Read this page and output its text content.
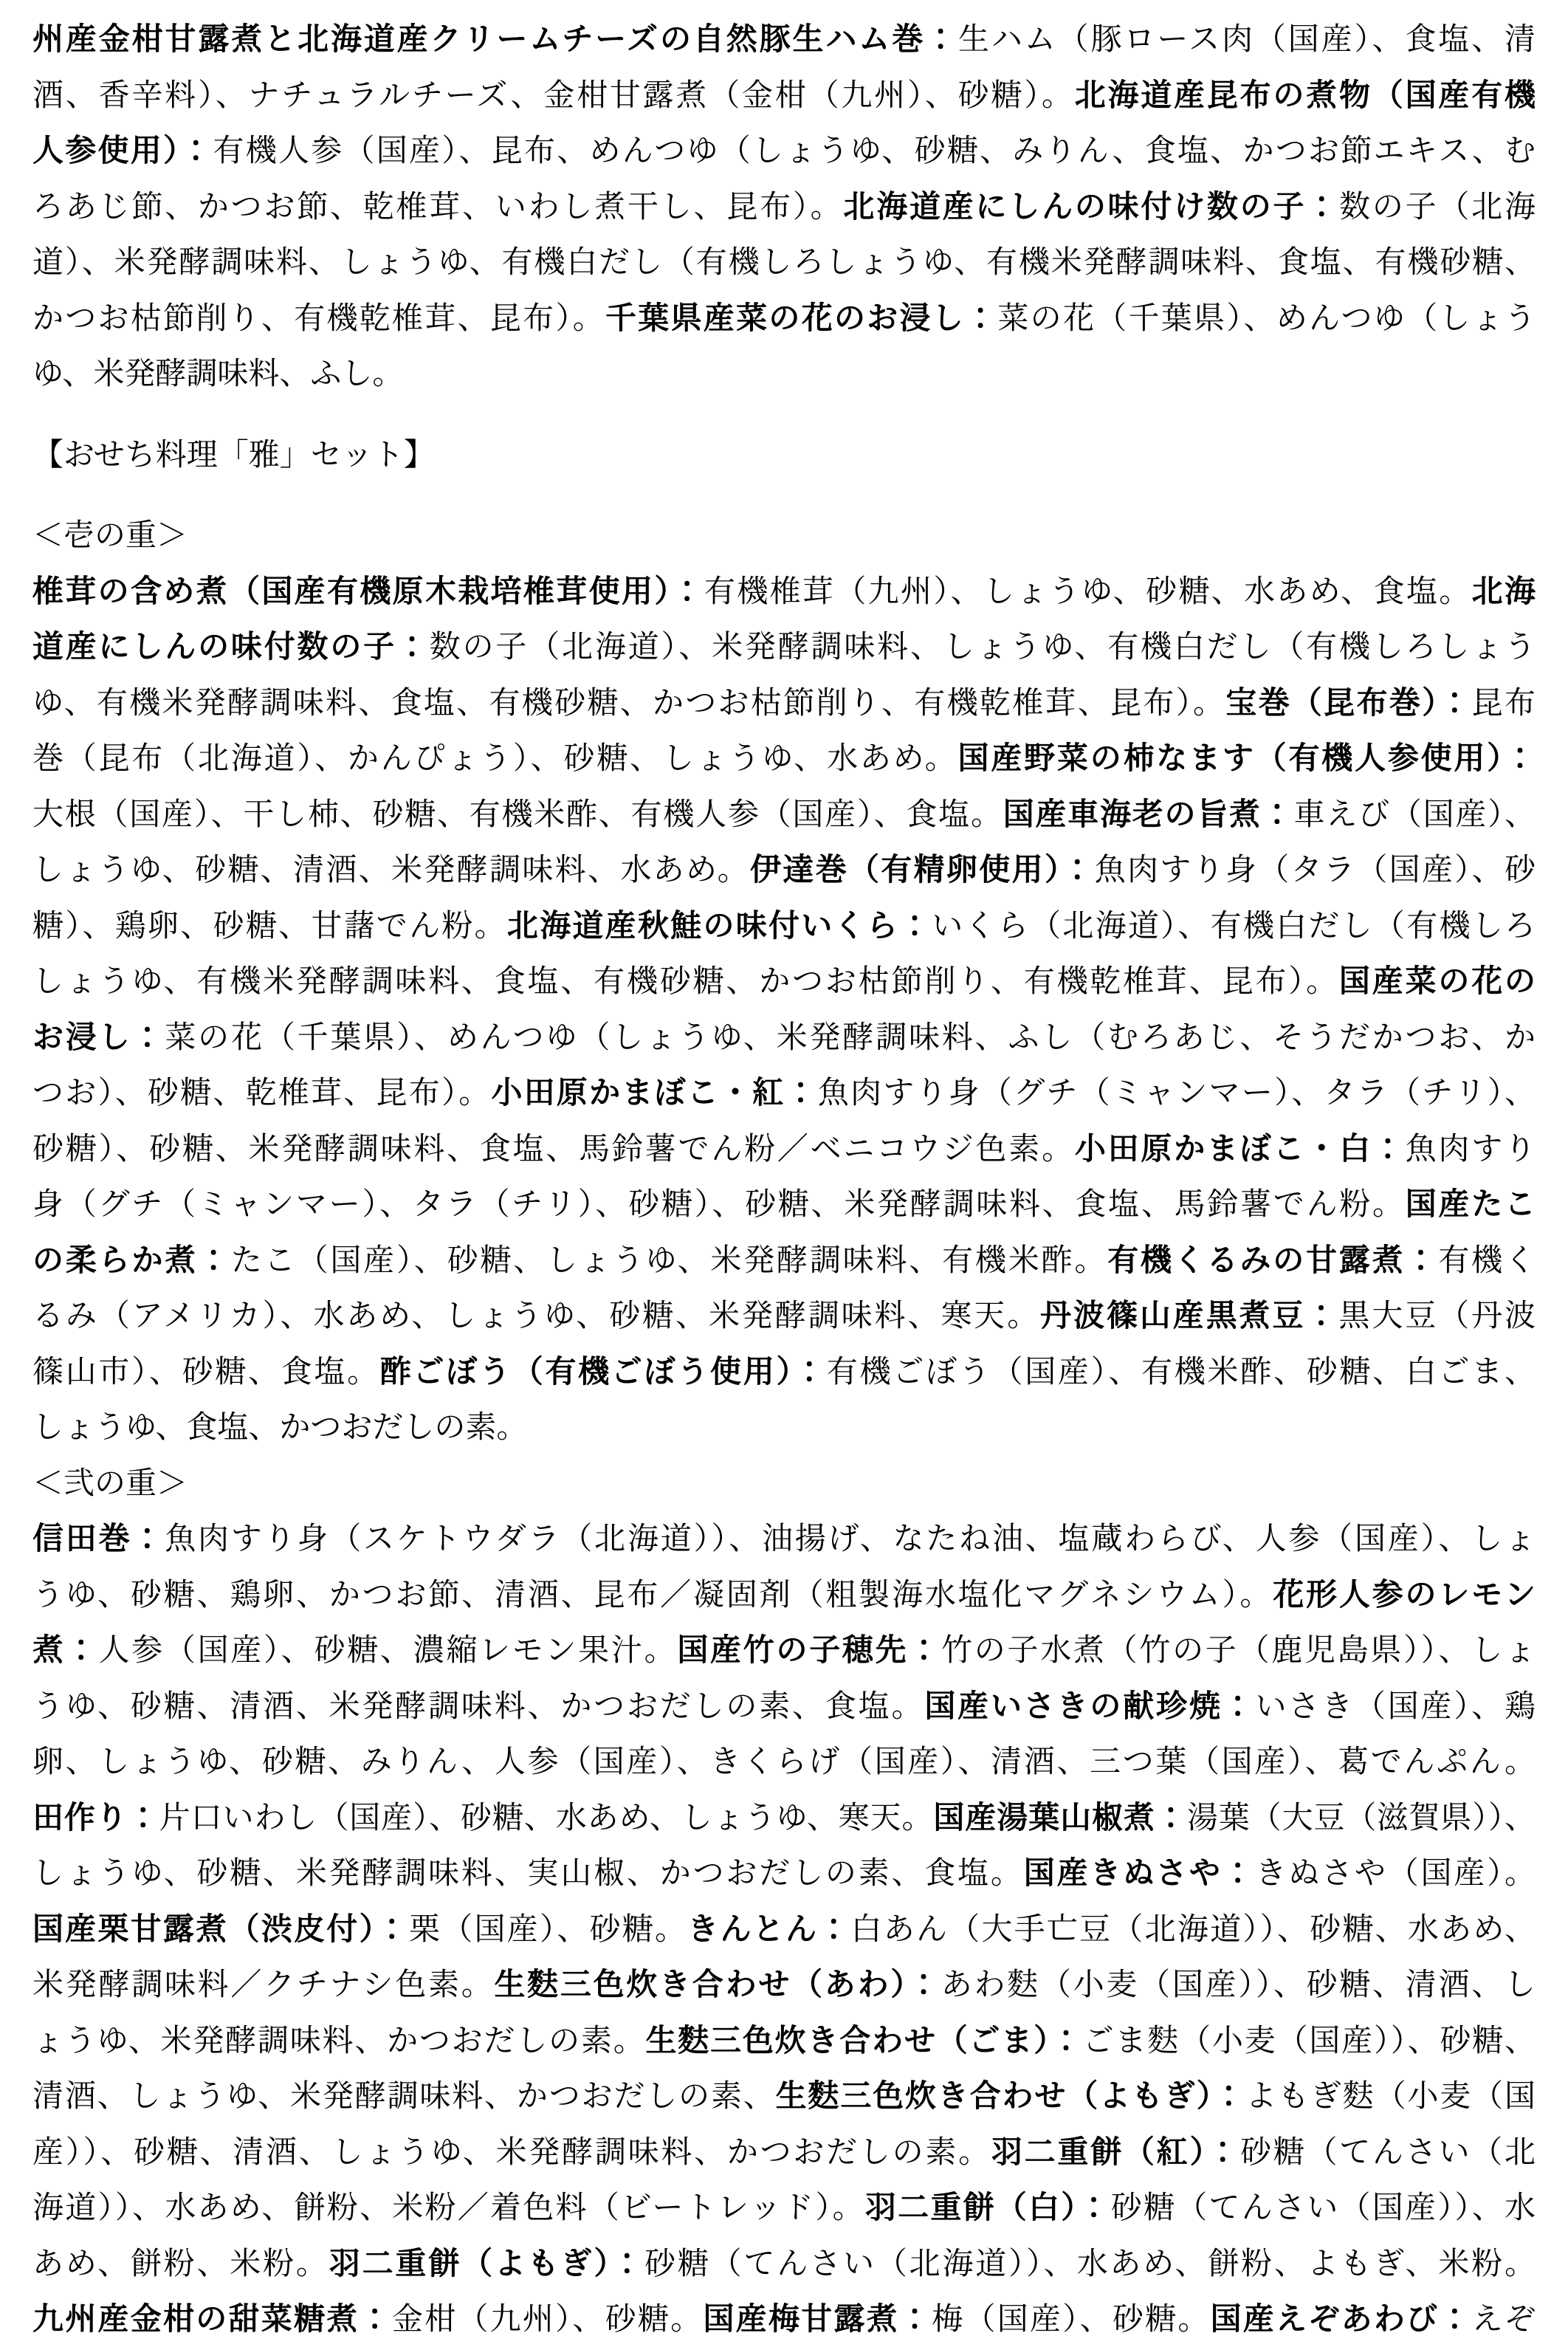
州産金柑甘露煮と北海道産クリームチーズの自然豚生ハム巻：生ハム（豚ロース肉（国産）、食塩、清
酒、香辛料）、ナチュラルチーズ、金柑甘露煮（金柑（九州）、砂糖）。北海道産昆布の煮物（国産有機
人参使用）：有機人参（国産）、昆布、めんつゆ（しょうゆ、砂糖、みりん、食塩、かつお節エキス、む
ろあじ節、かつお節、乾椎茸、いわし煮干し、昆布）。北海道産にしんの味付け数の子：数の子（北海
道）、米発酵調味料、しょうゆ、有機白だし（有機しろしょうゆ、有機米発酵調味料、食塩、有機砂糖、
かつお枯節削り、有機乾椎茸、昆布）。千葉県産菜の花のお浸し：菜の花（千葉県）、めんつゆ（しょう
ゆ、米発酵調味料、ふし。
【おせち料理「雅」セット】
＜壱の重＞
椎茸の含め煮（国産有機原木栽培椎茸使用）：有機椎茸（九州）、しょうゆ、砂糖、水あめ、食塩。北海
道産にしんの味付数の子：数の子（北海道）、米発酵調味料、しょうゆ、有機白だし（有機しろしょう
ゆ、有機米発酵調味料、食塩、有機砂糖、かつお枯節削り、有機乾椎茸、昆布）。宝巻（昆布巻）：昆布
巻（昆布（北海道）、かんぴょう）、砂糖、しょうゆ、水あめ。国産野菜の柿なます（有機人参使用）：
大根（国産）、干し柿、砂糖、有機米酢、有機人参（国産）、食塩。国産車海老の旨煮：車えび（国産）、
しょうゆ、砂糖、清酒、米発酵調味料、水あめ。伊達巻（有精卵使用）：魚肉すり身（タラ（国産）、砂
糖）、鶏卵、砂糖、甘藷でん粉。北海道産秋鮭の味付いくら：いくら（北海道）、有機白だし（有機しろ
しょうゆ、有機米発酵調味料、食塩、有機砂糖、かつお枯節削り、有機乾椎茸、昆布）。国産菜の花の
お浸し：菜の花（千葉県）、めんつゆ（しょうゆ、米発酵調味料、ふし（むろあじ、そうだかつお、か
つお）、砂糖、乾椎茸、昆布）。小田原かまぼこ・紅：魚肉すり身（グチ（ミャンマー）、タラ（チリ）、
砂糖）、砂糖、米発酵調味料、食塩、馬鈴薯でん粉／ベニコウジ色素。小田原かまぼこ・白：魚肉すり
身（グチ（ミャンマー）、タラ（チリ）、砂糖）、砂糖、米発酵調味料、食塩、馬鈴薯でん粉。国産たこ
の柔らか煮：たこ（国産）、砂糖、しょうゆ、米発酵調味料、有機米酢。有機くるみの甘露煮：有機く
るみ（アメリカ）、水あめ、しょうゆ、砂糖、米発酵調味料、寒天。丹波篠山産黒煮豆：黒大豆（丹波
篠山市）、砂糖、食塩。酢ごぼう（有機ごぼう使用）：有機ごぼう（国産）、有機米酢、砂糖、白ごま、
しょうゆ、食塩、かつおだしの素。
＜弐の重＞
信田巻：魚肉すり身（スケトウダラ（北海道））、油揚げ、なたね油、塩蔵わらび、人参（国産）、しょ
うゆ、砂糖、鶏卵、かつお節、清酒、昆布／凝固剤（粗製海水塩化マグネシウム）。花形人参のレモン
煮：人参（国産）、砂糖、濃縮レモン果汁。国産竹の子穂先：竹の子水煮（竹の子（鹿児島県））、しょ
うゆ、砂糖、清酒、米発酵調味料、かつおだしの素、食塩。国産いさきの献珍焼：いさき（国産）、鶏
卵、しょうゆ、砂糖、みりん、人参（国産）、きくらげ（国産）、清酒、三つ葉（国産）、葛でんぷん。
田作り：片口いわし（国産）、砂糖、水あめ、しょうゆ、寒天。国産湯葉山椒煮：湯葉（大豆（滋賀県））、
しょうゆ、砂糖、米発酵調味料、実山椒、かつおだしの素、食塩。国産きぬさや：きぬさや（国産）。
国産栗甘露煮（渋皮付）：栗（国産）、砂糖。きんとん：白あん（大手亡豆（北海道））、砂糖、水あめ、
米発酵調味料／クチナシ色素。生麩三色炊き合わせ（あわ）：あわ麩（小麦（国産））、砂糖、清酒、し
ょうゆ、米発酵調味料、かつおだしの素。生麩三色炊き合わせ（ごま）：ごま麩（小麦（国産））、砂糖、
清酒、しょうゆ、米発酵調味料、かつおだしの素、生麩三色炊き合わせ（よもぎ）：よもぎ麩（小麦（国
産））、砂糖、清酒、しょうゆ、米発酵調味料、かつおだしの素。羽二重餅（紅）：砂糖（てんさい（北
海道））、水あめ、餅粉、米粉／着色料（ビートレッド）。羽二重餅（白）：砂糖（てんさい（国産））、水
あめ、餅粉、米粉。羽二重餅（よもぎ）：砂糖（てんさい（北海道））、水あめ、餅粉、よもぎ、米粉。
九州産金柑の甜菜糖煮：金柑（九州）、砂糖。国産梅甘露煮：梅（国産）、砂糖。国産えぞあわび：えぞ
